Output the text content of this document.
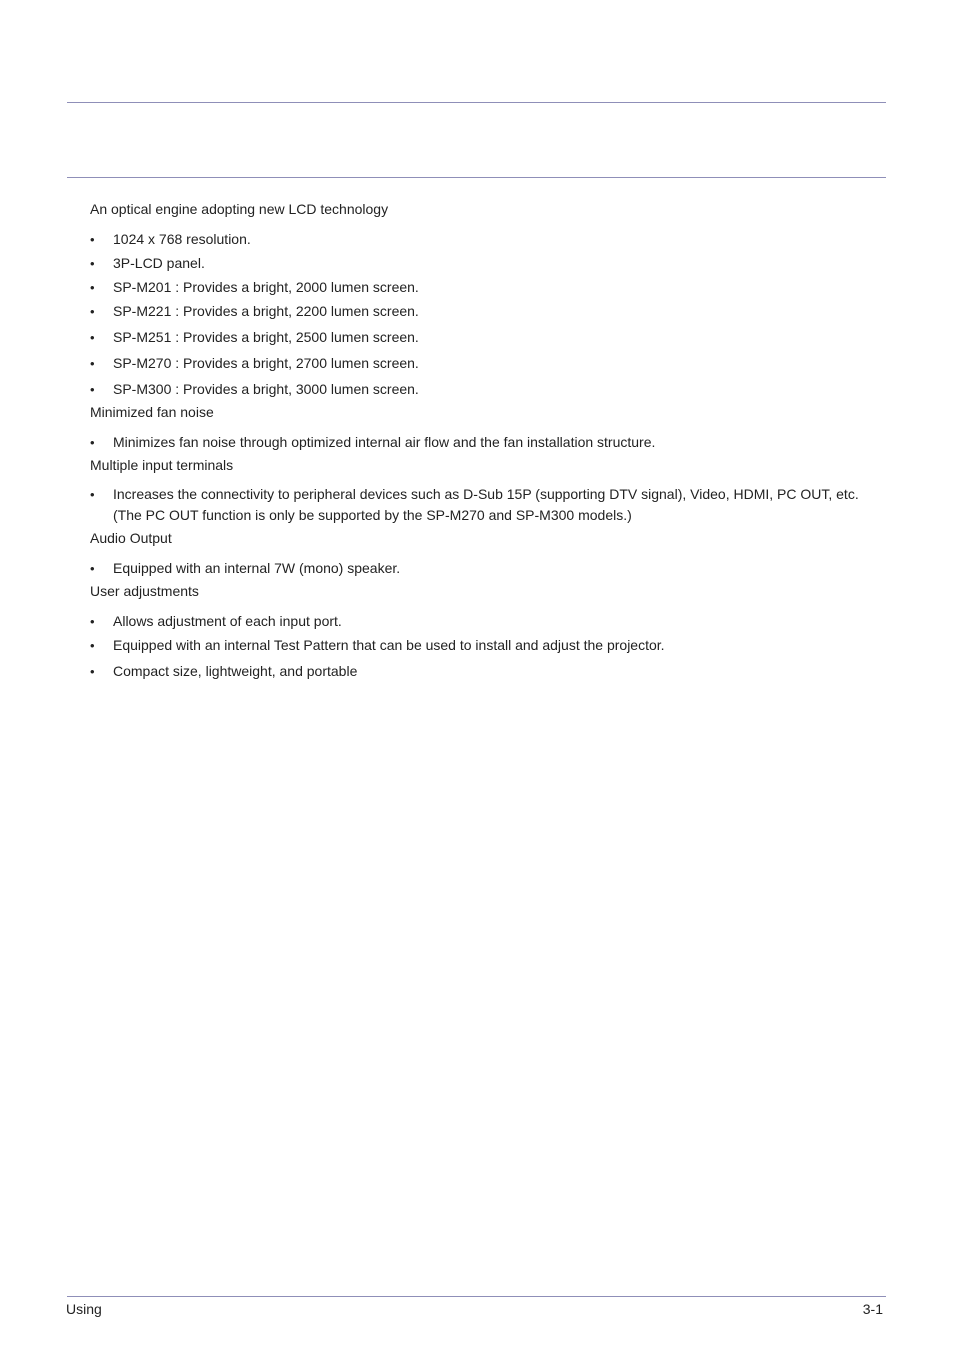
An optical engine adopting new LCD technology

• 1024 x 768 resolution.
• 3P-LCD panel.
• SP-M201 : Provides a bright, 2000 lumen screen.
• SP-M221 : Provides a bright, 2200 lumen screen.
• SP-M251 : Provides a bright, 2500 lumen screen.
• SP-M270 : Provides a bright, 2700 lumen screen.
• SP-M300 : Provides a bright, 3000 lumen screen.

Minimized fan noise

• Minimizes fan noise through optimized internal air flow and the fan installation structure.

Multiple input terminals

• Increases the connectivity to peripheral devices such as D-Sub 15P (supporting DTV signal), Video, HDMI, PC OUT, etc. (The PC OUT function is only be supported by the SP-M270 and SP-M300 models.)

Audio Output

• Equipped with an internal 7W (mono) speaker.

User adjustments

• Allows adjustment of each input port.
• Equipped with an internal Test Pattern that can be used to install and adjust the projector.
• Compact size, lightweight, and portable
Using	3-1
